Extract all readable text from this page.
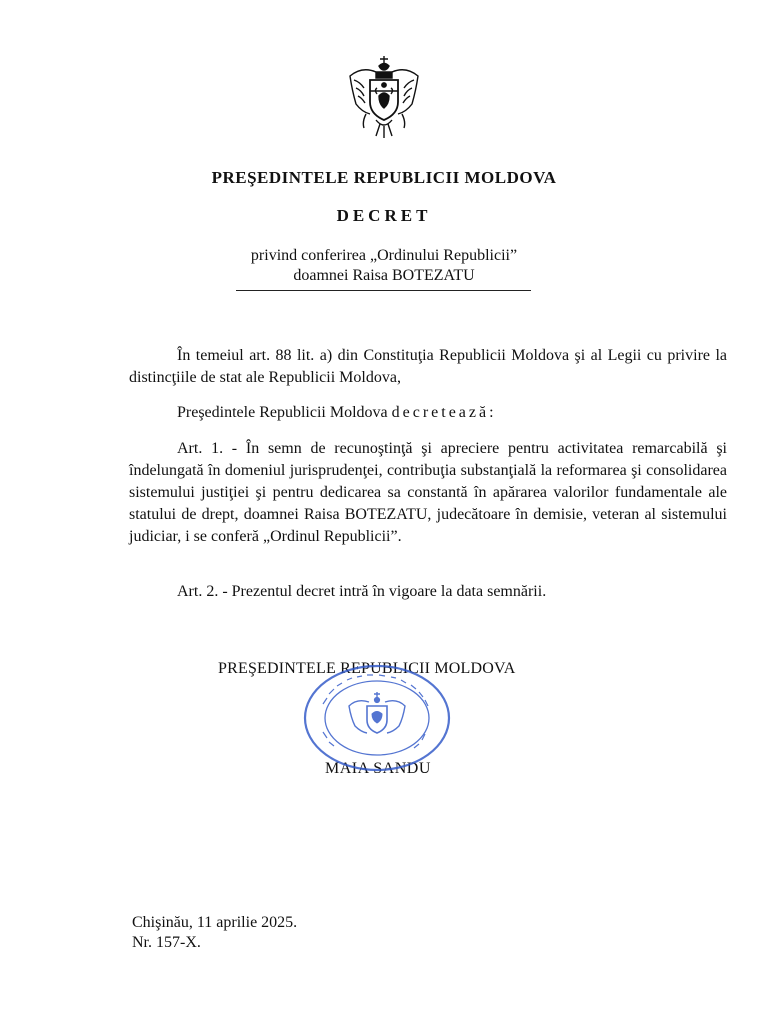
PREŞEDINTELE REPUBLICII MOLDOVA
DECRET
privind conferirea „Ordinului Republicii”
doamnei Raisa BOTEZATU
În temeiul art. 88 lit. a) din Constituţia Republicii Moldova şi al Legii cu privire la distincţiile de stat ale Republicii Moldova,
Preşedintele Republicii Moldova decretează:
Art. 1. - În semn de recunoştinţă şi apreciere pentru activitatea remarcabilă şi îndelungată în domeniul jurisprudenţei, contribuţia substanţială la reformarea şi consolidarea sistemului justiţiei şi pentru dedicarea sa constantă în apărarea valorilor fundamentale ale statului de drept, doamnei Raisa BOTEZATU, judecătoare în demisie, veteran al sistemului judiciar, i se conferă „Ordinul Republicii”.
Art. 2. - Prezentul decret intră în vigoare la data semnării.
PREŞEDINTELE REPUBLICII MOLDOVA
MAIA SANDU
Chişinău, 11 aprilie 2025.
Nr. 157-X.
